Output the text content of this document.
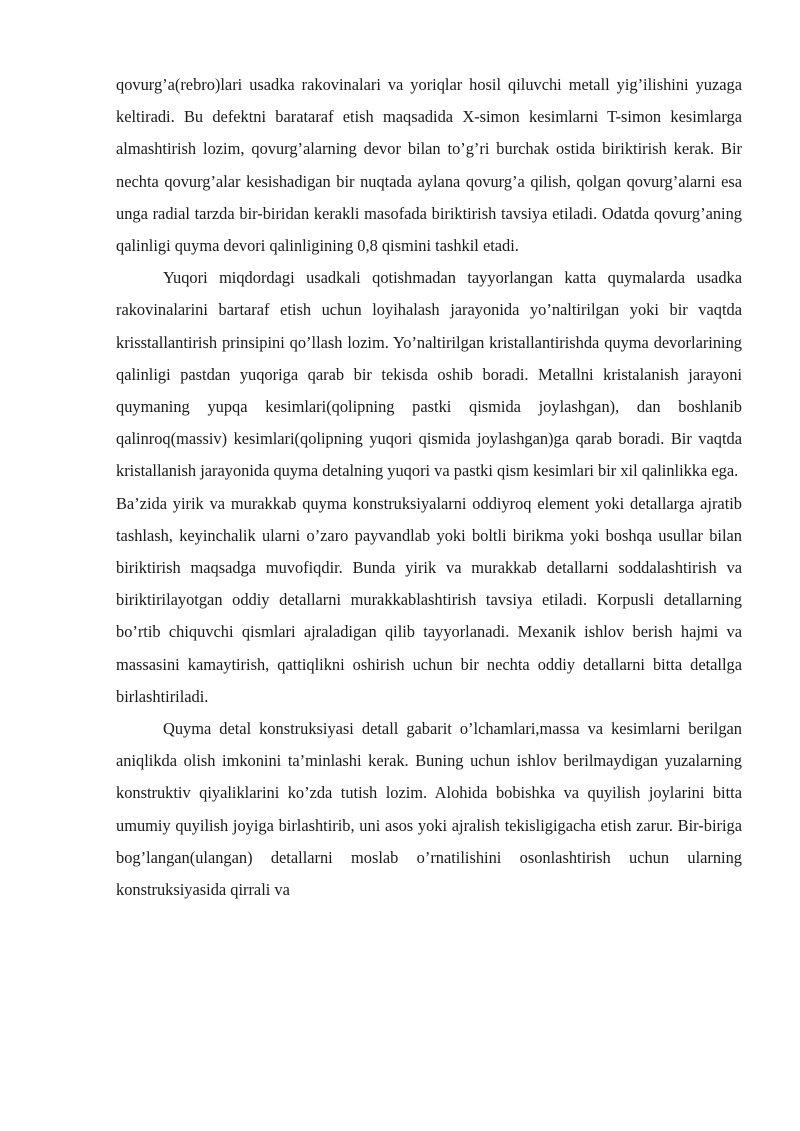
qovurg’a(rebro)lari usadka rakovinalari va yoriqlar hosil qiluvchi metall yig’ilishini yuzaga keltiradi. Bu defektni barataraf etish maqsadida X-simon kesimlarni T-simon kesimlarga almashtirish lozim, qovurg’alarning devor bilan to’g’ri burchak ostida biriktirish kerak. Bir nechta qovurg’alar kesishadigan bir nuqtada aylana qovurg’a qilish, qolgan qovurg’alarni esa unga radial tarzda bir-biridan kerakli masofada biriktirish tavsiya etiladi. Odatda qovurg’aning qalinligi quyma devori qalinligining 0,8 qismini tashkil etadi.

Yuqori miqdordagi usadkali qotishmadan tayyorlangan katta quymalarda usadka rakovinalarini bartaraf etish uchun loyihalash jarayonida yo’naltirilgan yoki bir vaqtda krisstallantirish prinsipini qo’llash lozim. Yo’naltirilgan kristallantirishda quyma devorlarining qalinligi pastdan yuqoriga qarab bir tekisda oshib boradi. Metallni kristalanish jarayoni quymaning yupqa kesimlari(qolipning pastki qismida joylashgan), dan boshlanib qalinroq(massiv) kesimlari(qolipning yuqori qismida joylashgan)ga qarab boradi. Bir vaqtda kristallanish jarayonida quyma detalning yuqori va pastki qism kesimlari bir xil qalinlikka ega.

Ba’zida yirik va murakkab quyma konstruksiyalarni oddiyroq element yoki detallarga ajratib tashlash, keyinchalik ularni o’zaro payvandlab yoki boltli birikma yoki boshqa usullar bilan biriktirish maqsadga muvofiqdir. Bunda yirik va murakkab detallarni soddalashtirish va biriktirilayotgan oddiy detallarni murakkablashtirish tavsiya etiladi. Korpusli detallarning bo’rtib chiquvchi qismlari ajraladigan qilib tayyorlanadi. Mexanik ishlov berish hajmi va massasini kamaytirish, qattiqlikni oshirish uchun bir nechta oddiy detallarni bitta detallga birlashtiriladi.

Quyma detal konstruksiyasi detall gabarit o’lchamlari,massa va kesimlarni berilgan aniqlikda olish imkonini ta’minlashi kerak. Buning uchun ishlov berilmaydigan yuzalarning konstruktiv qiyaliklarini ko’zda tutish lozim. Alohida bobishka va quyilish joylarini bitta umumiy quyilish joyiga birlashtirib, uni asos yoki ajralish tekisligigacha etish zarur. Bir-biriga bog’langan(ulangan) detallarni moslab o’rnatilishini osonlashtirish uchun ularning konstruksiyasida qirrali va
